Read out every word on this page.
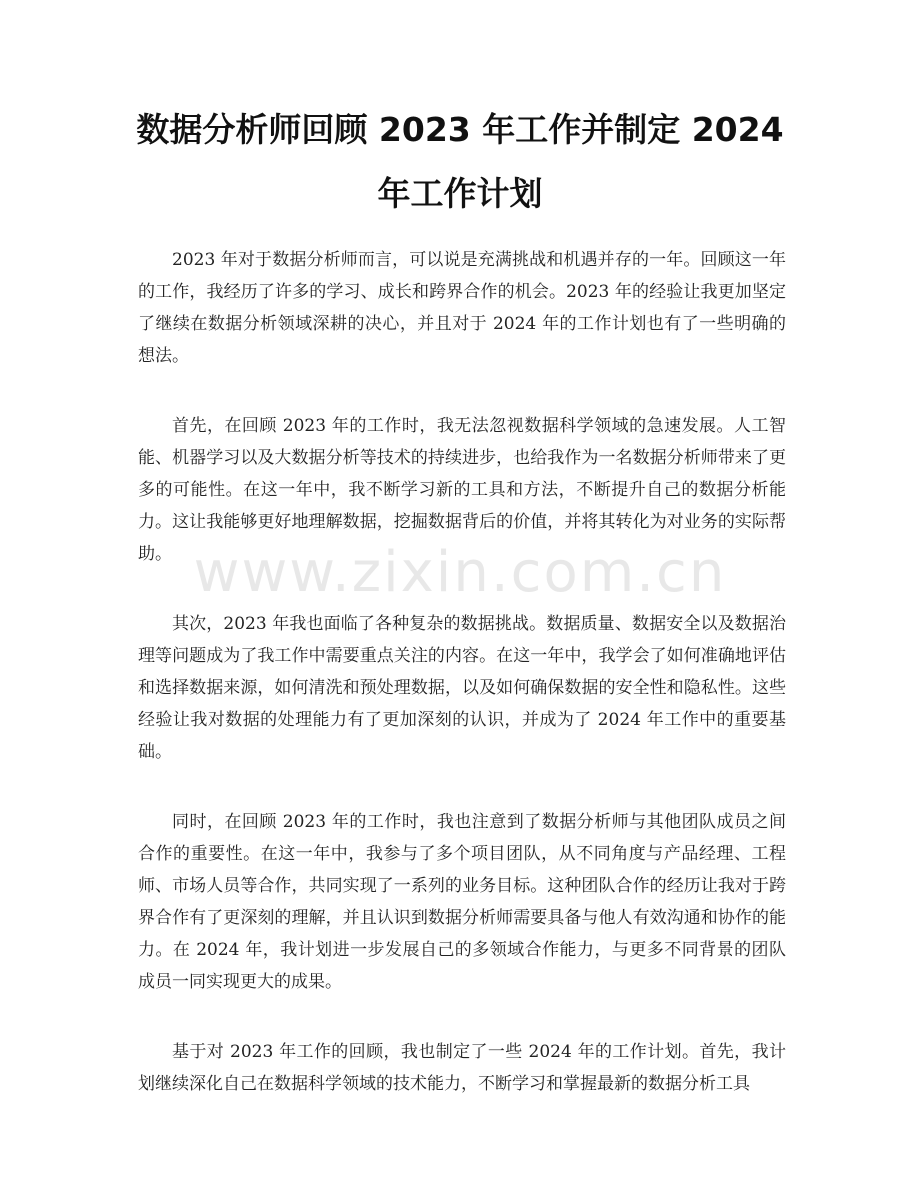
数据分析师回顾 2023 年工作并制定 2024 年工作计划

2023 年对于数据分析师而言，可以说是充满挑战和机遇并存的一年。回顾这一年的工作，我经历了许多的学习、成长和跨界合作的机会。2023 年的经验让我更加坚定了继续在数据分析领域深耕的决心，并且对于 2024 年的工作计划也有了一些明确的想法。

首先，在回顾 2023 年的工作时，我无法忽视数据科学领域的急速发展。人工智能、机器学习以及大数据分析等技术的持续进步，也给我作为一名数据分析师带来了更多的可能性。在这一年中，我不断学习新的工具和方法，不断提升自己的数据分析能力。这让我能够更好地理解数据，挖掘数据背后的价值，并将其转化为对业务的实际帮助。

其次，2023 年我也面临了各种复杂的数据挑战。数据质量、数据安全以及数据治理等问题成为了我工作中需要重点关注的内容。在这一年中，我学会了如何准确地评估和选择数据来源，如何清洗和预处理数据，以及如何确保数据的安全性和隐私性。这些经验让我对数据的处理能力有了更加深刻的认识，并成为了 2024 年工作中的重要基础。

同时，在回顾 2023 年的工作时，我也注意到了数据分析师与其他团队成员之间合作的重要性。在这一年中，我参与了多个项目团队，从不同角度与产品经理、工程师、市场人员等合作，共同实现了一系列的业务目标。这种团队合作的经历让我对于跨界合作有了更深刻的理解，并且认识到数据分析师需要具备与他人有效沟通和协作的能力。在 2024 年，我计划进一步发展自己的多领域合作能力，与更多不同背景的团队成员一同实现更大的成果。

基于对 2023 年工作的回顾，我也制定了一些 2024 年的工作计划。首先，我计划继续深化自己在数据科学领域的技术能力，不断学习和掌握最新的数据分析工具

www.zixin.com.cn
